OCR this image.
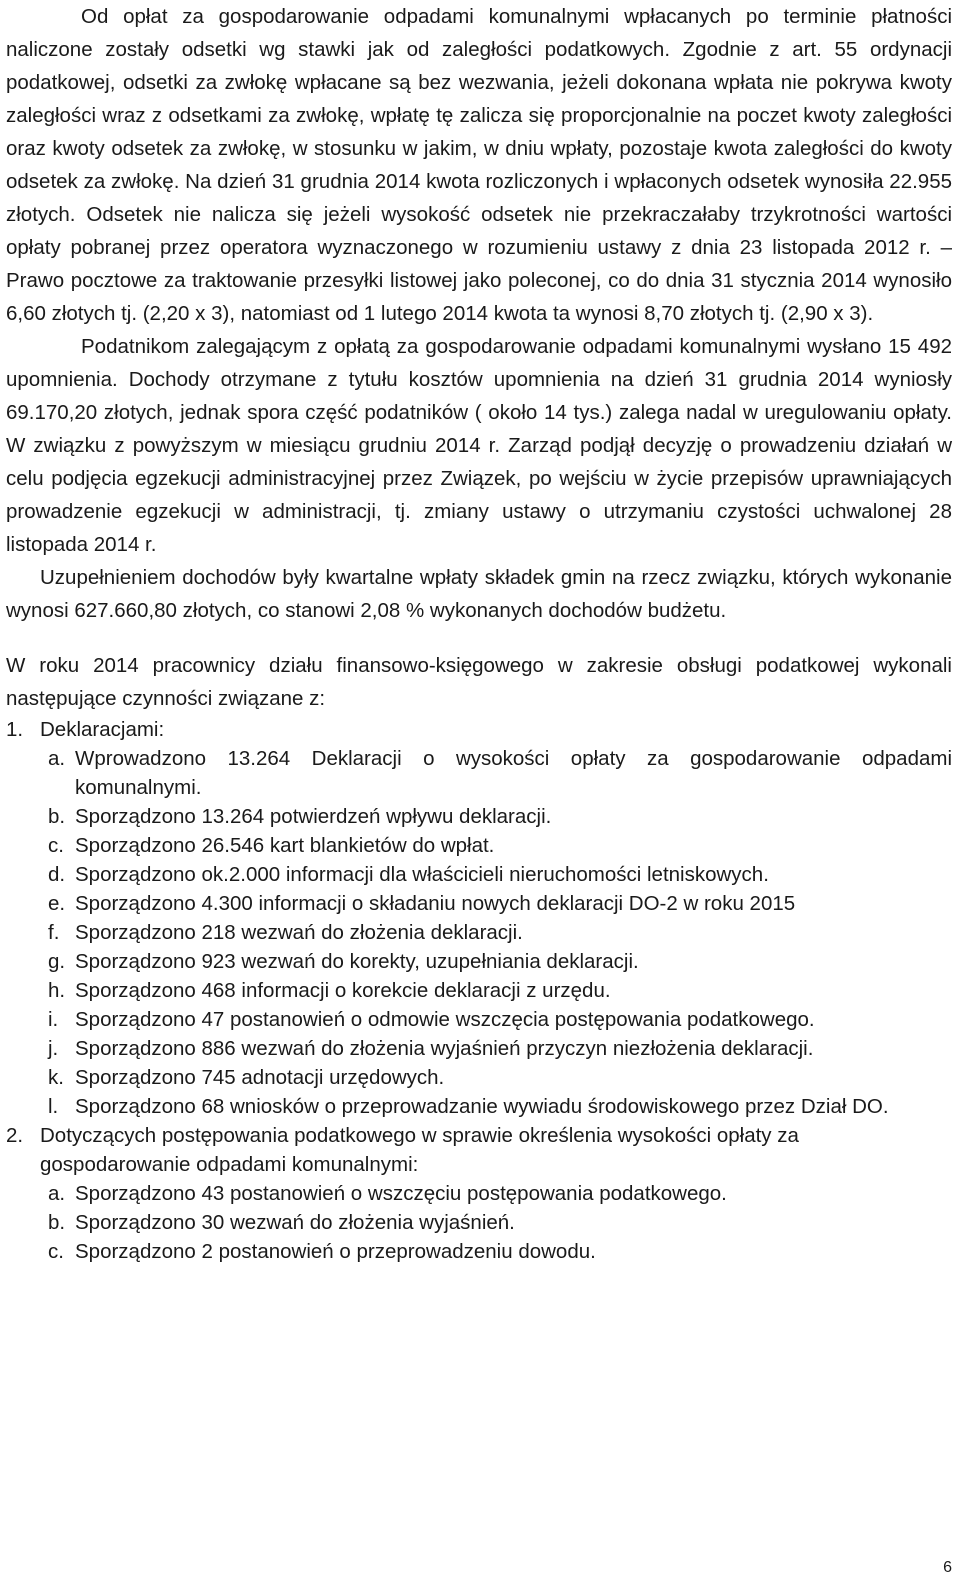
Od opłat za gospodarowanie odpadami komunalnymi wpłacanych po terminie płatności naliczone zostały odsetki wg stawki jak od zaległości podatkowych. Zgodnie z art. 55 ordynacji podatkowej, odsetki za zwłokę wpłacane są bez wezwania, jeżeli dokonana wpłata nie pokrywa kwoty zaległości wraz z odsetkami za zwłokę, wpłatę tę zalicza się proporcjonalnie na poczet kwoty zaległości oraz kwoty odsetek za zwłokę, w stosunku w jakim, w dniu wpłaty, pozostaje kwota zaległości do kwoty odsetek za zwłokę. Na dzień 31 grudnia 2014 kwota rozliczonych i wpłaconych odsetek wynosiła 22.955 złotych. Odsetek nie nalicza się jeżeli wysokość odsetek nie przekraczałaby trzykrotności wartości opłaty pobranej przez operatora wyznaczonego w rozumieniu ustawy z dnia 23 listopada 2012 r. – Prawo pocztowe za traktowanie przesyłki listowej jako poleconej, co do dnia 31 stycznia 2014 wynosiło 6,60 złotych tj. (2,20 x 3), natomiast od 1 lutego 2014 kwota ta wynosi 8,70 złotych tj. (2,90 x 3).

Podatnikom zalegającym z opłatą za gospodarowanie odpadami komunalnymi wysłano 15 492 upomnienia. Dochody otrzymane z tytułu kosztów upomnienia na dzień 31 grudnia 2014 wyniosły 69.170,20 złotych, jednak spora część podatników ( około 14 tys.) zalega nadal w uregulowaniu opłaty. W związku z powyższym w miesiącu grudniu 2014 r. Zarząd podjął decyzję o prowadzeniu działań w celu podjęcia egzekucji administracyjnej przez Związek, po wejściu w życie przepisów uprawniających prowadzenie egzekucji w administracji, tj. zmiany ustawy o utrzymaniu czystości uchwalonej 28 listopada 2014 r.

Uzupełnieniem dochodów były kwartalne wpłaty składek gmin na rzecz związku, których wykonanie wynosi 627.660,80 złotych, co stanowi 2,08 % wykonanych dochodów budżetu.

W roku 2014 pracownicy działu finansowo-księgowego w zakresie obsługi podatkowej wykonali następujące czynności związane z:

1. Deklaracjami:
a. Wprowadzono 13.264 Deklaracji o wysokości opłaty za gospodarowanie odpadami komunalnymi.
b. Sporządzono 13.264 potwierdzeń wpływu deklaracji.
c. Sporządzono 26.546 kart blankietów do wpłat.
d. Sporządzono ok.2.000 informacji dla właścicieli nieruchomości letniskowych.
e. Sporządzono 4.300 informacji o składaniu nowych deklaracji DO-2 w roku 2015
f. Sporządzono 218 wezwań do złożenia deklaracji.
g. Sporządzono 923 wezwań do korekty, uzupełniania deklaracji.
h. Sporządzono 468 informacji o korekcie deklaracji z urzędu.
i. Sporządzono 47 postanowień o odmowie wszczęcia postępowania podatkowego.
j. Sporządzono 886 wezwań do złożenia wyjaśnień przyczyn niezłożenia deklaracji.
k. Sporządzono 745 adnotacji urzędowych.
l. Sporządzono 68 wniosków o przeprowadzanie wywiadu środowiskowego przez Dział DO.
2. Dotyczących postępowania podatkowego w sprawie określenia wysokości opłaty za gospodarowanie odpadami komunalnymi:
a. Sporządzono 43 postanowień o wszczęciu postępowania podatkowego.
b. Sporządzono 30 wezwań do złożenia wyjaśnień.
c. Sporządzono 2 postanowień o przeprowadzeniu dowodu.
6
